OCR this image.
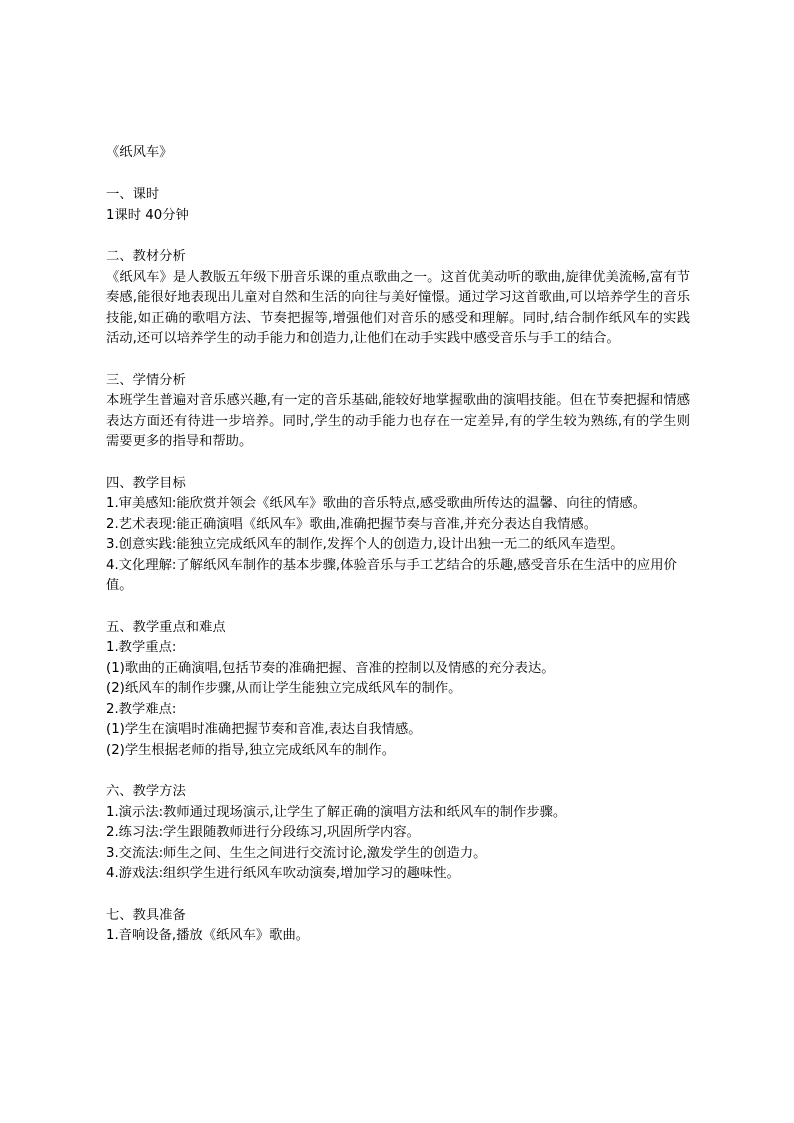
《纸风车》
一、课时
1课时 40分钟
二、教材分析
《纸风车》是人教版五年级下册音乐课的重点歌曲之一。这首优美动听的歌曲,旋律优美流畅,富有节奏感,能很好地表现出儿童对自然和生活的向往与美好憧憬。通过学习这首歌曲,可以培养学生的音乐技能,如正确的歌唱方法、节奏把握等,增强他们对音乐的感受和理解。同时,结合制作纸风车的实践活动,还可以培养学生的动手能力和创造力,让他们在动手实践中感受音乐与手工的结合。
三、学情分析
本班学生普遍对音乐感兴趣,有一定的音乐基础,能较好地掌握歌曲的演唱技能。但在节奏把握和情感表达方面还有待进一步培养。同时,学生的动手能力也存在一定差异,有的学生较为熟练,有的学生则需要更多的指导和帮助。
四、教学目标
1.审美感知:能欣赏并领会《纸风车》歌曲的音乐特点,感受歌曲所传达的温馨、向往的情感。
2.艺术表现:能正确演唱《纸风车》歌曲,准确把握节奏与音准,并充分表达自我情感。
3.创意实践:能独立完成纸风车的制作,发挥个人的创造力,设计出独一无二的纸风车造型。
4.文化理解:了解纸风车制作的基本步骤,体验音乐与手工艺结合的乐趣,感受音乐在生活中的应用价值。
五、教学重点和难点
1.教学重点:
(1)歌曲的正确演唱,包括节奏的准确把握、音准的控制以及情感的充分表达。
(2)纸风车的制作步骤,从而让学生能独立完成纸风车的制作。
2.教学难点:
(1)学生在演唱时准确把握节奏和音准,表达自我情感。
(2)学生根据老师的指导,独立完成纸风车的制作。
六、教学方法
1.演示法:教师通过现场演示,让学生了解正确的演唱方法和纸风车的制作步骤。
2.练习法:学生跟随教师进行分段练习,巩固所学内容。
3.交流法:师生之间、生生之间进行交流讨论,激发学生的创造力。
4.游戏法:组织学生进行纸风车吹动演奏,增加学习的趣味性。
七、教具准备
1.音响设备,播放《纸风车》歌曲。
